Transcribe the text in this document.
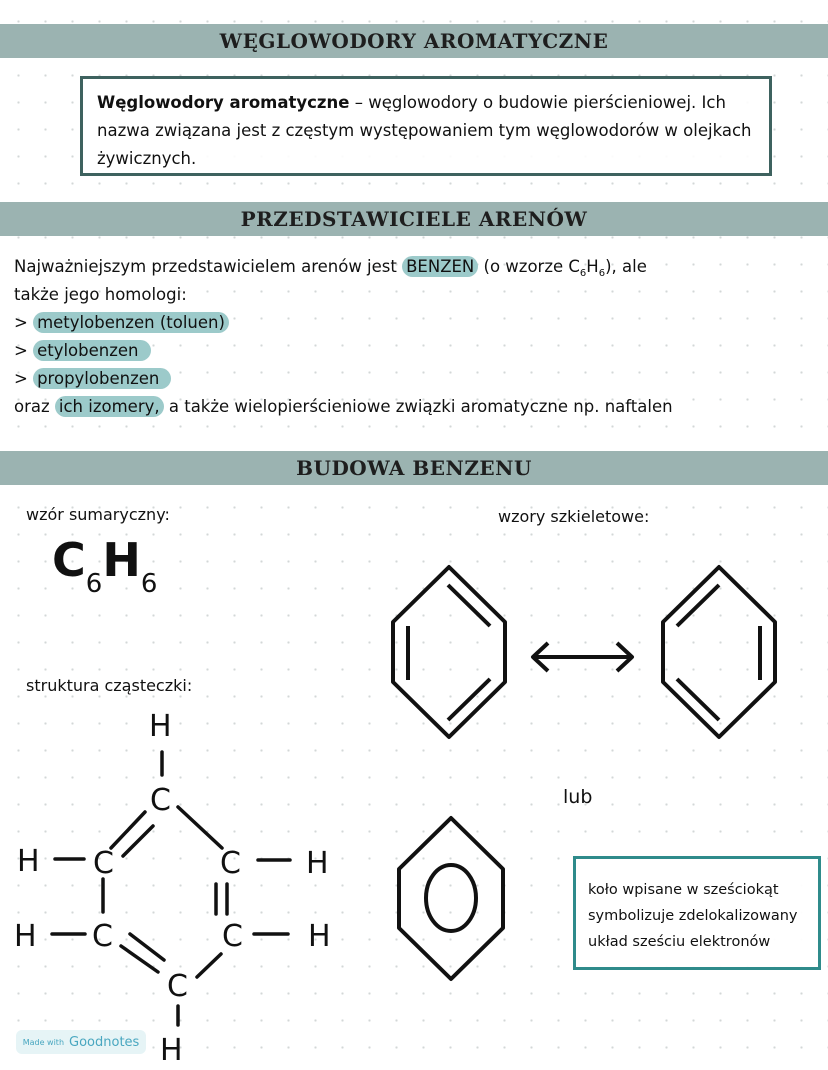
WĘGLOWODORY AROMATYCZNE
Węglowodory aromatyczne – węglowodory o budowie pierścieniowej. Ich nazwa związana jest z częstym występowaniem tym węglowodorów w olejkach żywicznych.
PRZEDSTAWICIELE ARENÓW
Najważniejszym przedstawicielem arenów jest BENZEN (o wzorze $C_6H_6$), ale
także jego homologi:
> metylobenzen (toluen)
> etylobenzen
> propylobenzen
oraz ich izomery, a także wielopierścieniowe związki aromatyczne np. naftalen
BUDOWA BENZENU
wzór sumaryczny:	wzory szkieletowe:
struktura cząsteczki:
lub
$C_6H_6$
H
C
H C	C H
H C	C H
C
H
koło wpisane w sześciokąt
symbolizuje zdelokalizowany
układ sześciu elektronów
Made with Goodnotes
